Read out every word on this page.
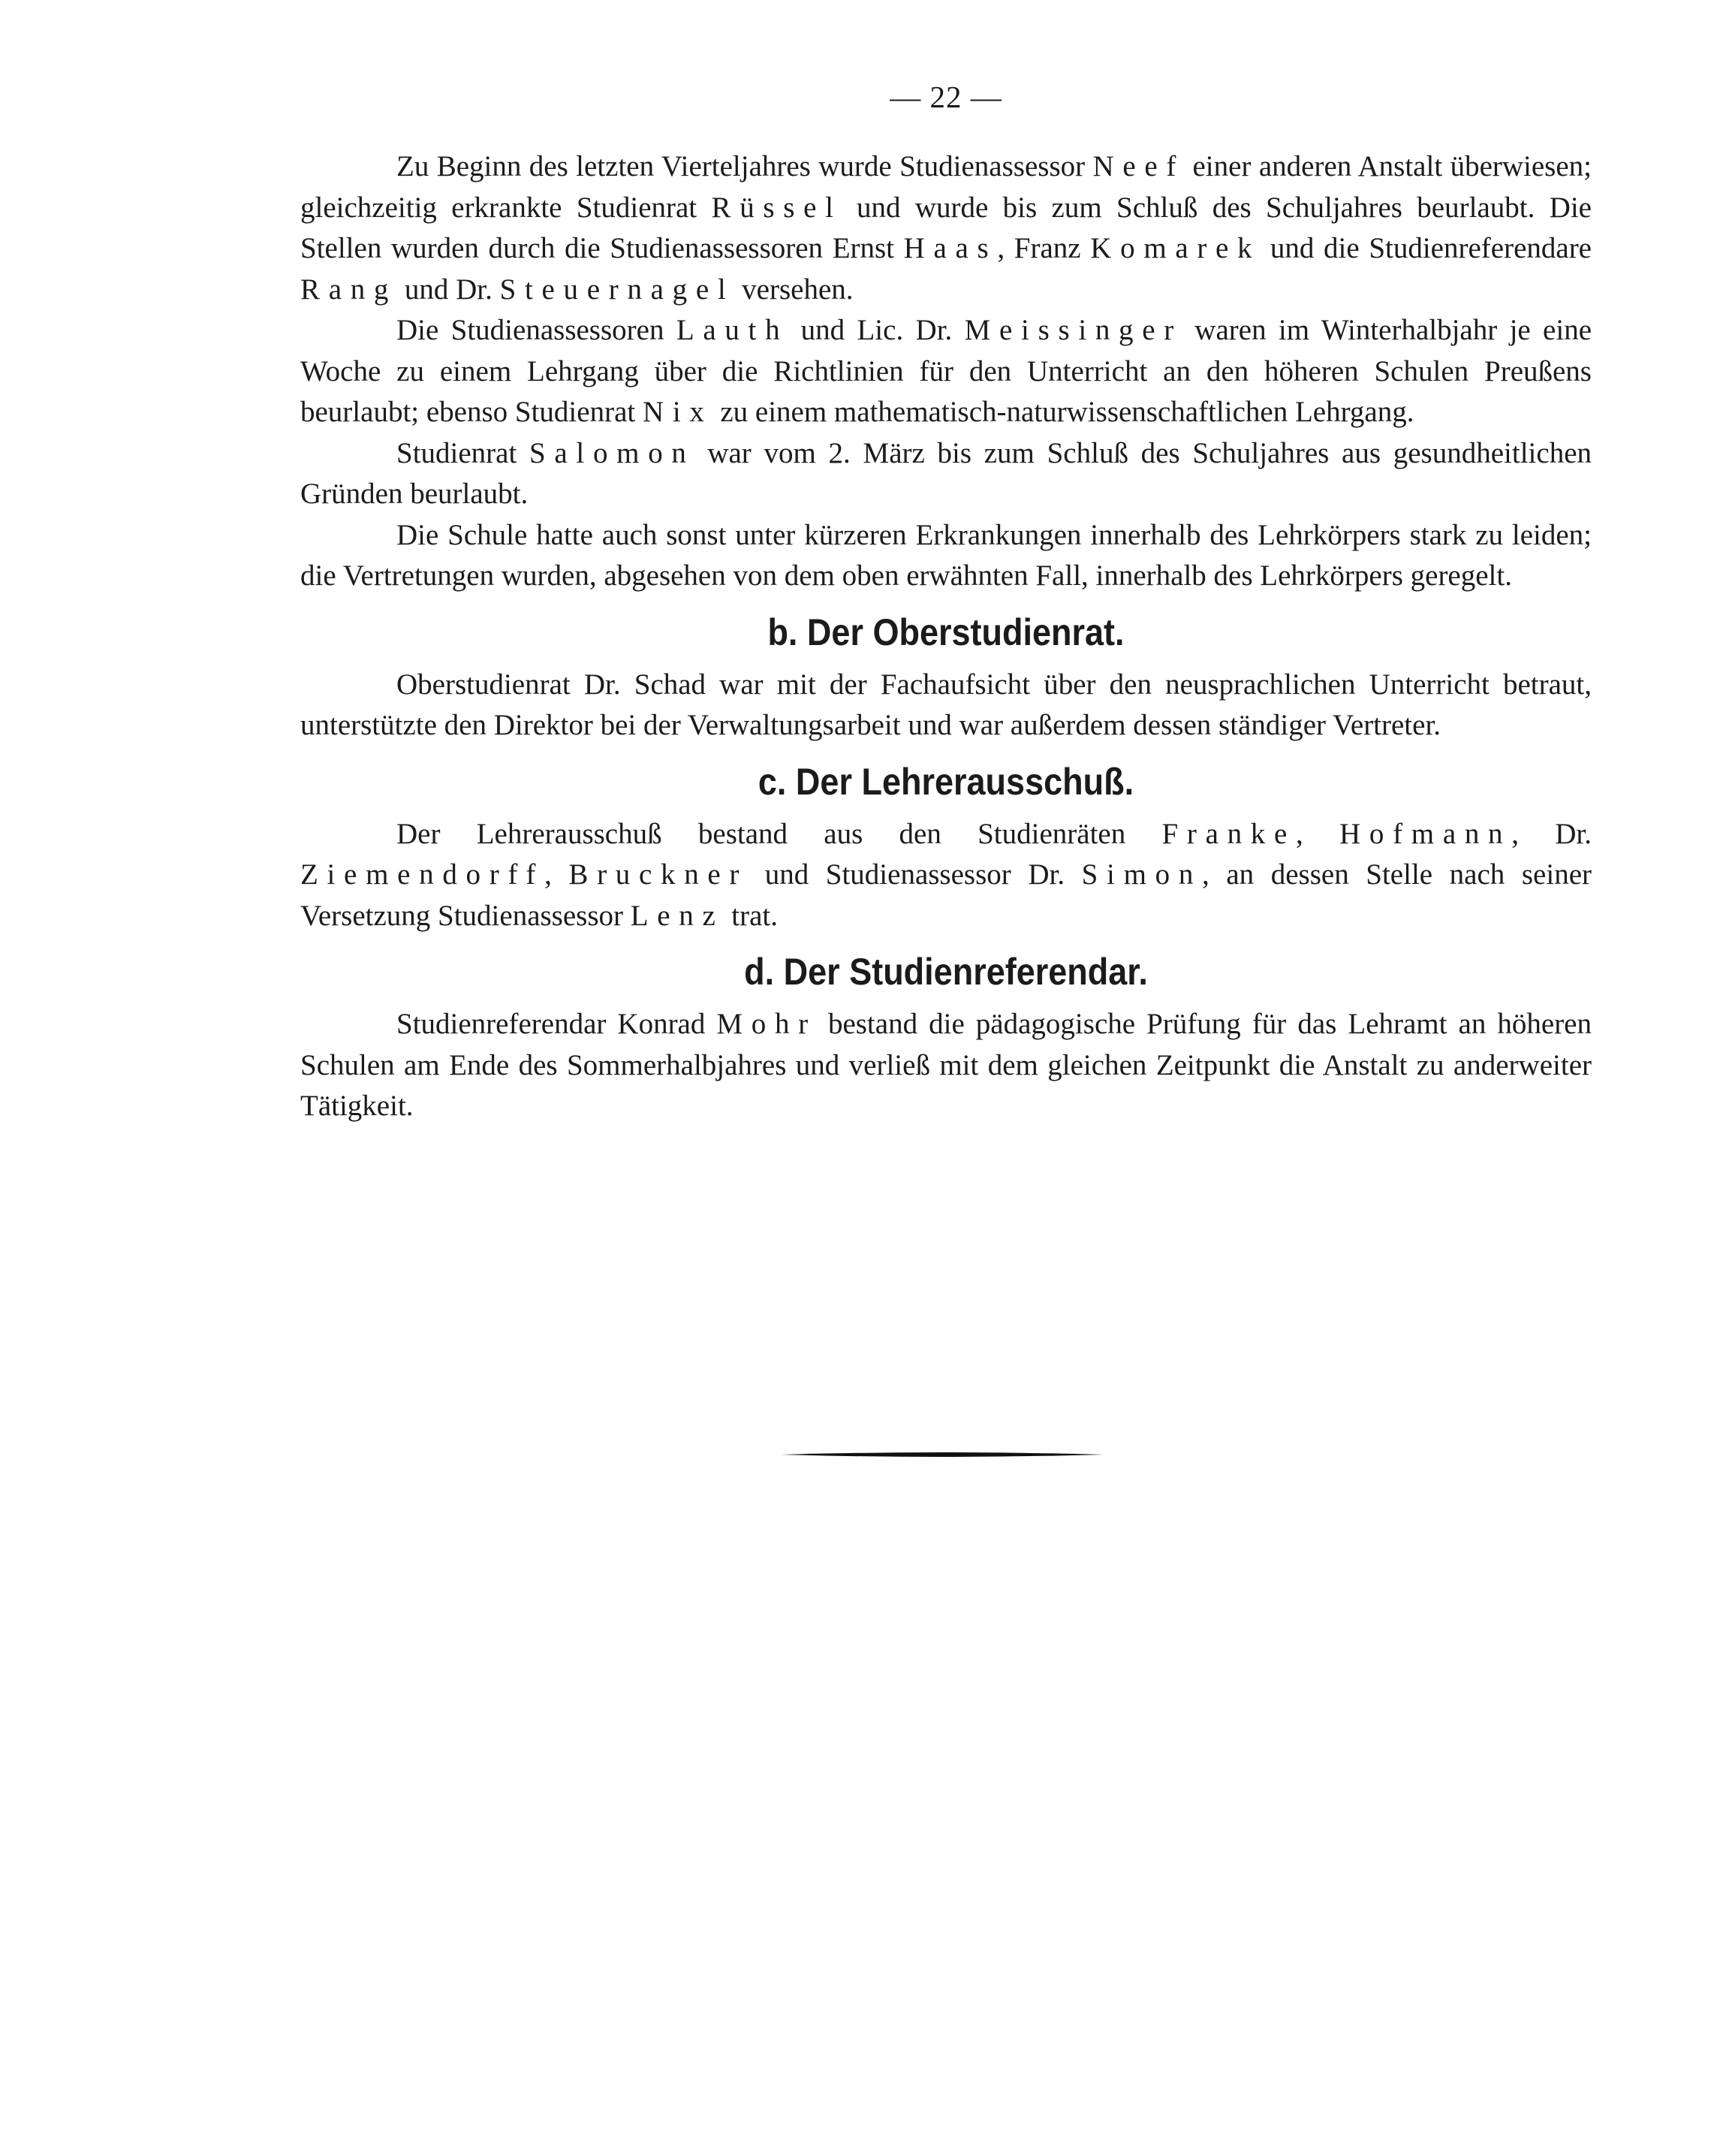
— 22 —

Zu Beginn des letzten Vierteljahres wurde Studienassessor Neef einer anderen Anstalt überwiesen; gleichzeitig erkrankte Studienrat Rüssel und wurde bis zum Schluß des Schuljahres beurlaubt. Die Stellen wurden durch die Studienassessoren Ernst Haas, Franz Komarek und die Studienreferendare Rang und Dr. Steuernagel versehen.

Die Studienassessoren Lauth und Lic. Dr. Meissinger waren im Winterhalbjahr je eine Woche zu einem Lehrgang über die Richtlinien für den Unterricht an den höheren Schulen Preußens beurlaubt; ebenso Studienrat Nix zu einem mathematisch-naturwissenschaftlichen Lehrgang.

Studienrat Salomon war vom 2. März bis zum Schluß des Schuljahres aus gesundheitlichen Gründen beurlaubt.

Die Schule hatte auch sonst unter kürzeren Erkrankungen innerhalb des Lehrkörpers stark zu leiden; die Vertretungen wurden, abgesehen von dem oben erwähnten Fall, innerhalb des Lehrkörpers geregelt.

b. Der Oberstudienrat.

Oberstudienrat Dr. Schad war mit der Fachaufsicht über den neusprachlichen Unterricht betraut, unterstützte den Direktor bei der Verwaltungsarbeit und war außerdem dessen ständiger Vertreter.

c. Der Lehrerausschuß.

Der Lehrerausschuß bestand aus den Studienräten Franke, Hofmann, Dr. Ziemendorff, Bruckner und Studienassessor Dr. Simon, an dessen Stelle nach seiner Versetzung Studienassessor Lenz trat.

d. Der Studienreferendar.

Studienreferendar Konrad Mohr bestand die pädagogische Prüfung für das Lehramt an höheren Schulen am Ende des Sommerhalbjahres und verließ mit dem gleichen Zeitpunkt die Anstalt zu anderweiter Tätigkeit.
